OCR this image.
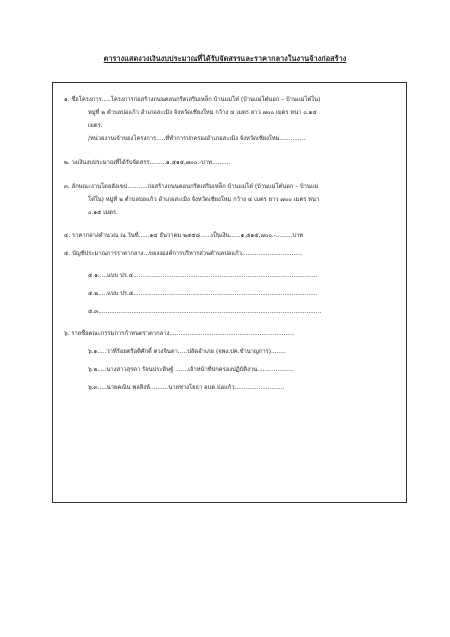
ตารางแสดงวงเงินงบประมาณที่ได้รับจัดสรรและราคากลางในงานจ้างก่อสร้าง
๑. ชื่อโครงการ.....โครงการก่อสร้างถนนคอนกรีตเสริมเหล็ก บ้านแม่โต๋ (บ้านแม่โต๋นอก – บ้านแม่โต๋ใน)
หมู่ที่ ๒ ตำบลบ่อแก้ว อำเภอสะเมิง จังหวัดเชียงใหม่ กว้าง ๔ เมตร ยาว ๗๐๐ เมตร หนา ๐.๑๕
เมตร.
/หน่วยงานเจ้าของโครงการ.....ที่ทำการปกครองอำเภอสะเมิง จังหวัดเชียงใหม่..............
๒. วงเงินงบประมาณที่ได้รับจัดสรร.........๑,๕๑๕,๗๐๐.-บาท..........
๓. ลักษณะงานโดยสังเขป...........ก่อสร้างถนนคอนกรีตเสริมเหล็ก บ้านแม่โต๋ (บ้านแม่โต๋นอก – บ้านแม่
โต๋ใน) หมู่ที่ ๒ ตำบลบ่อแก้ว อำเภอสะเมิง จังหวัดเชียงใหม่ กว้าง ๔ เมตร ยาว ๗๐๐ เมตร หนา
๐.๑๕ เมตร.
๔. ราคากลางคำนวณ ณ วันที่......๑๔ ธันวาคม ๒๕๕๘......เป็นเงิน......๑,๕๑๕,๗๐๐.-.........บาท
๕. บัญชีประมาณการราคากลาง...ของงองค์การบริหารส่วนตำบลบ่อแก้ว.................................
๕.๑.....แบบ ปร.๔....................................................................................................
๕.๒.....แบบ ปร.๕....................................................................................................
๕.๓.........................................................................................................................
๖. รายชื่อคณะกรรมการกำหนดราคากลาง....................................................................
๖.๑.....ว่าที่ร้อยตรีอติศักดิ์ ตวงจินดา.....ปลัดอำเภอ (จพง.ปค.ชำนาญการ)........
๖.๒.....นางสาวสุรดา รัจนประดิษฐ์ .......เจ้าหน้าที่ปกครองปฏิบัติงาน....................
๖.๓.....นายคณิน พลสิงห์..........นายช่างโยธา อบต.บ่อแก้ว...........................
